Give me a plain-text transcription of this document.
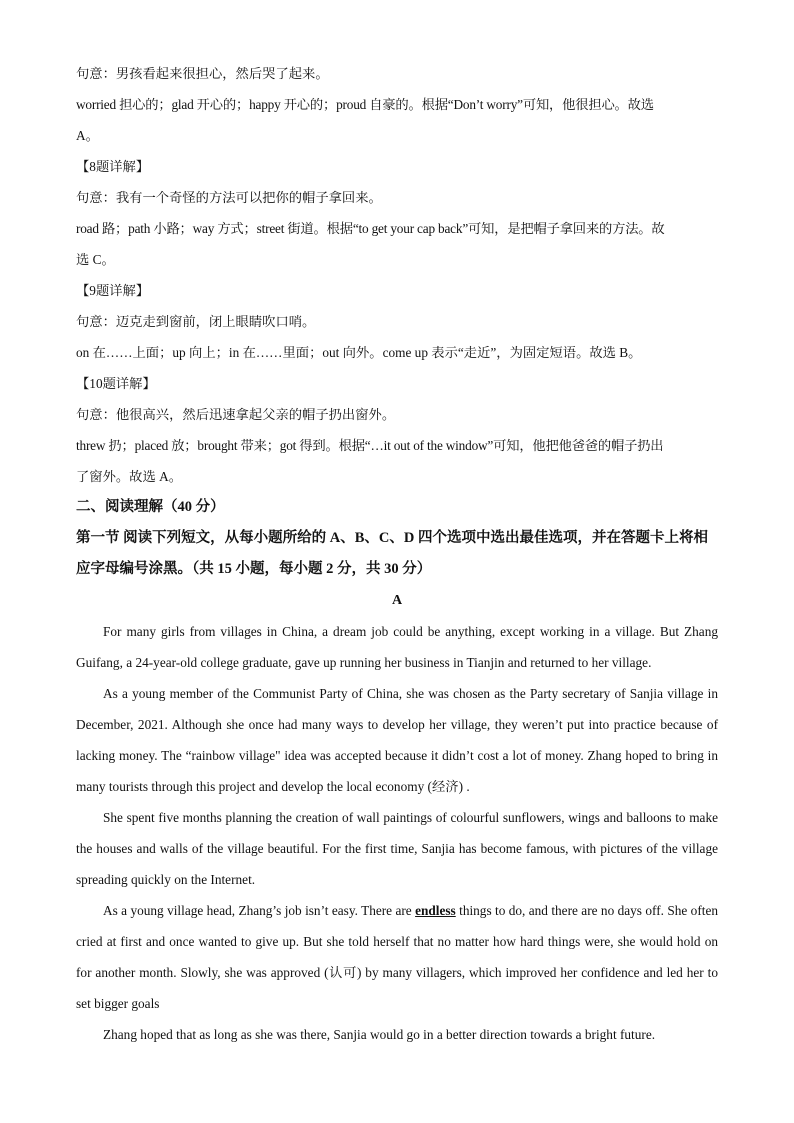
句意：男孩看起来很担心，然后哭了起来。
worried 担心的；glad 开心的；happy 开心的；proud 自豪的。根据“Don’t worry”可知，他很担心。故选
A。
【8题详解】
句意：我有一个奇怪的方法可以把你的帽子拿回来。
road 路；path 小路；way 方式；street 街道。根据“to get your cap back”可知，是把帽子拿回来的方法。故
选 C。
【9题详解】
句意：迈克走到窗前，闭上眼睛吹口哨。
on 在……上面；up 向上；in 在……里面；out 向外。come up 表示“走近”，为固定短语。故选 B。
【10题详解】
句意：他很高兴，然后迅速拿起父亲的帽子扔出窗外。
threw 扔；placed 放；brought 带来；got 得到。根据“…it out of the window”可知，他把他爸爸的帽子扔出
了窗外。故选 A。
二、阅读理解（40 分）
第一节 阅读下列短文，从每小题所给的 A、B、C、D 四个选项中选出最佳选项，并在答题卡上将相应字母编号涂黑。（共 15 小题，每小题 2 分，共 30 分）
A

For many girls from villages in China, a dream job could be anything, except working in a village. But Zhang Guifang, a 24-year-old college graduate, gave up running her business in Tianjin and returned to her village.

As a young member of the Communist Party of China, she was chosen as the Party secretary of Sanjia village in December, 2021. Although she once had many ways to develop her village, they weren’t put into practice because of lacking money. The “rainbow village" idea was accepted because it didn’t cost a lot of money. Zhang hoped to bring in many tourists through this project and develop the local economy (经济) .

She spent five months planning the creation of wall paintings of colourful sunflowers, wings and balloons to make the houses and walls of the village beautiful. For the first time, Sanjia has become famous, with pictures of the village spreading quickly on the Internet.

As a young village head, Zhang’s job isn’t easy. There are endless things to do, and there are no days off. She often cried at first and once wanted to give up. But she told herself that no matter how hard things were, she would hold on for another month. Slowly, she was approved (认可) by many villagers, which improved her confidence and led her to set bigger goals

Zhang hoped that as long as she was there, Sanjia would go in a better direction towards a bright future.
